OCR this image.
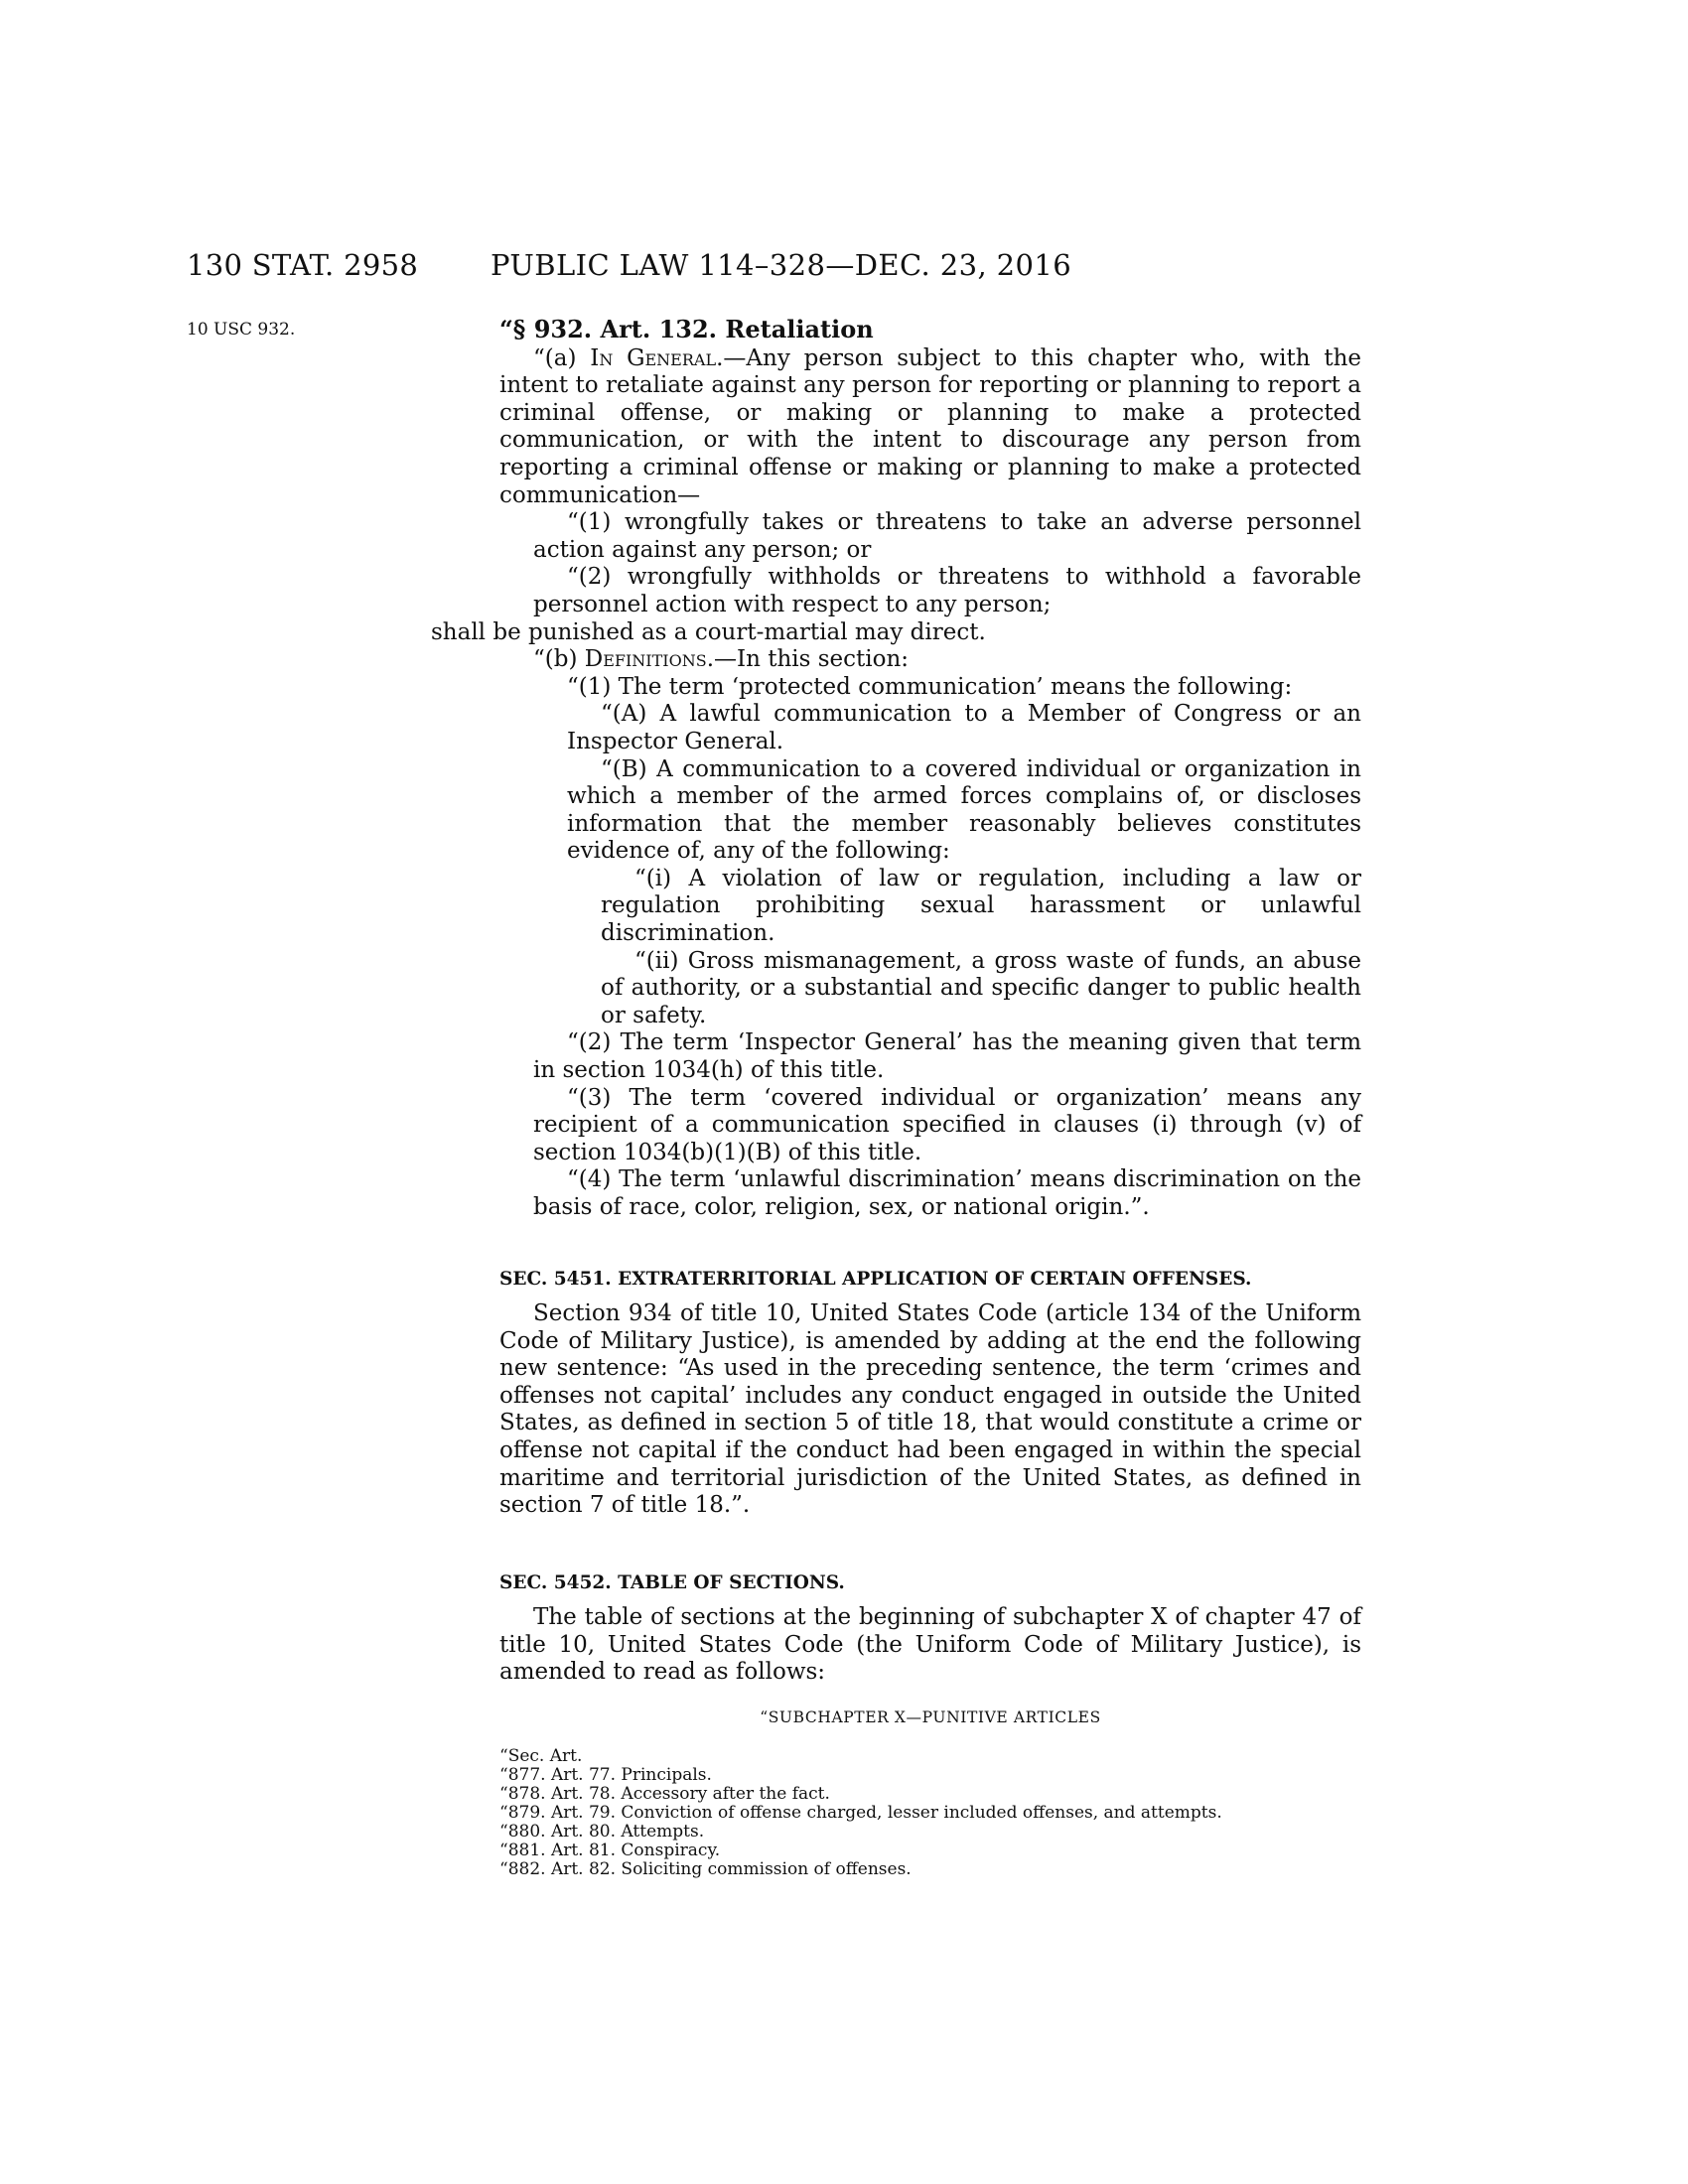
130 STAT. 2958	PUBLIC LAW 114–328—DEC. 23, 2016
10 USC 932.	“§ 932. Art. 132. Retaliation

“(a) In General.—Any person subject to this chapter who, with the intent to retaliate against any person for reporting or planning to report a criminal offense, or making or planning to make a protected communication, or with the intent to discourage any person from reporting a criminal offense or making or planning to make a protected communication—

“(1) wrongfully takes or threatens to take an adverse personnel action against any person; or

“(2) wrongfully withholds or threatens to withhold a favorable personnel action with respect to any person;

shall be punished as a court-martial may direct.

“(b) Definitions.—In this section:

“(1) The term ‘protected communication’ means the following:

“(A) A lawful communication to a Member of Congress or an Inspector General.

“(B) A communication to a covered individual or organization in which a member of the armed forces complains of, or discloses information that the member reasonably believes constitutes evidence of, any of the following:

“(i) A violation of law or regulation, including a law or regulation prohibiting sexual harassment or unlawful discrimination.

“(ii) Gross mismanagement, a gross waste of funds, an abuse of authority, or a substantial and specific danger to public health or safety.

“(2) The term ‘Inspector General’ has the meaning given that term in section 1034(h) of this title.

“(3) The term ‘covered individual or organization’ means any recipient of a communication specified in clauses (i) through (v) of section 1034(b)(1)(B) of this title.

“(4) The term ‘unlawful discrimination’ means discrimination on the basis of race, color, religion, sex, or national origin.”.

SEC. 5451. EXTRATERRITORIAL APPLICATION OF CERTAIN OFFENSES.

Section 934 of title 10, United States Code (article 134 of the Uniform Code of Military Justice), is amended by adding at the end the following new sentence: “As used in the preceding sentence, the term ‘crimes and offenses not capital’ includes any conduct engaged in outside the United States, as defined in section 5 of title 18, that would constitute a crime or offense not capital if the conduct had been engaged in within the special maritime and territorial jurisdiction of the United States, as defined in section 7 of title 18.”.

SEC. 5452. TABLE OF SECTIONS.

The table of sections at the beginning of subchapter X of chapter 47 of title 10, United States Code (the Uniform Code of Military Justice), is amended to read as follows:

“SUBCHAPTER X—PUNITIVE ARTICLES

“Sec. Art.

“877. Art. 77. Principals.

“878. Art. 78. Accessory after the fact.

“879. Art. 79. Conviction of offense charged, lesser included offenses, and attempts.

“880. Art. 80. Attempts.

“881. Art. 81. Conspiracy.

“882. Art. 82. Soliciting commission of offenses.
